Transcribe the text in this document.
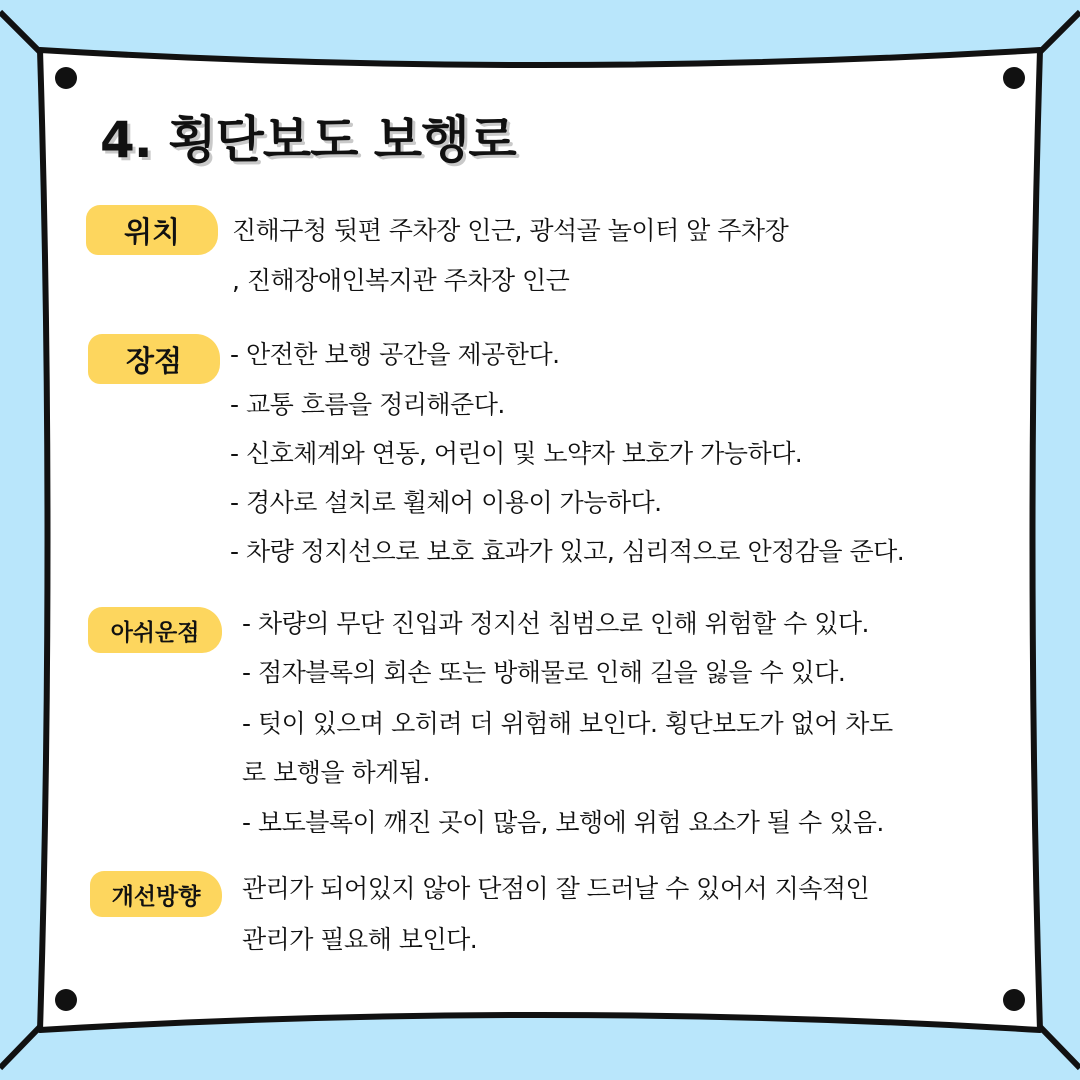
4. 횡단보도 보행로
위치	진해구청 뒷편 주차장 인근, 광석골 놀이터 앞 주차장
, 진해장애인복지관 주차장 인근
장점	- 안전한 보행 공간을 제공한다.
- 교통 흐름을 정리해준다.
- 신호체계와 연동, 어린이 및 노약자 보호가 가능하다.
- 경사로 설치로 휠체어 이용이 가능하다.
- 차량 정지선으로 보호 효과가 있고, 심리적으로 안정감을 준다.
아쉬운점	- 차량의 무단 진입과 정지선 침범으로 인해 위험할 수 있다.
- 점자블록의 회손 또는 방해물로 인해 길을 잃을 수 있다.
- 텃이 있으며 오히려 더 위험해 보인다. 횡단보도가 없어 차도
로 보행을 하게됨.
- 보도블록이 깨진 곳이 많음, 보행에 위험 요소가 될 수 있음.
개선방향	관리가 되어있지 않아 단점이 잘 드러날 수 있어서 지속적인
관리가 필요해 보인다.
